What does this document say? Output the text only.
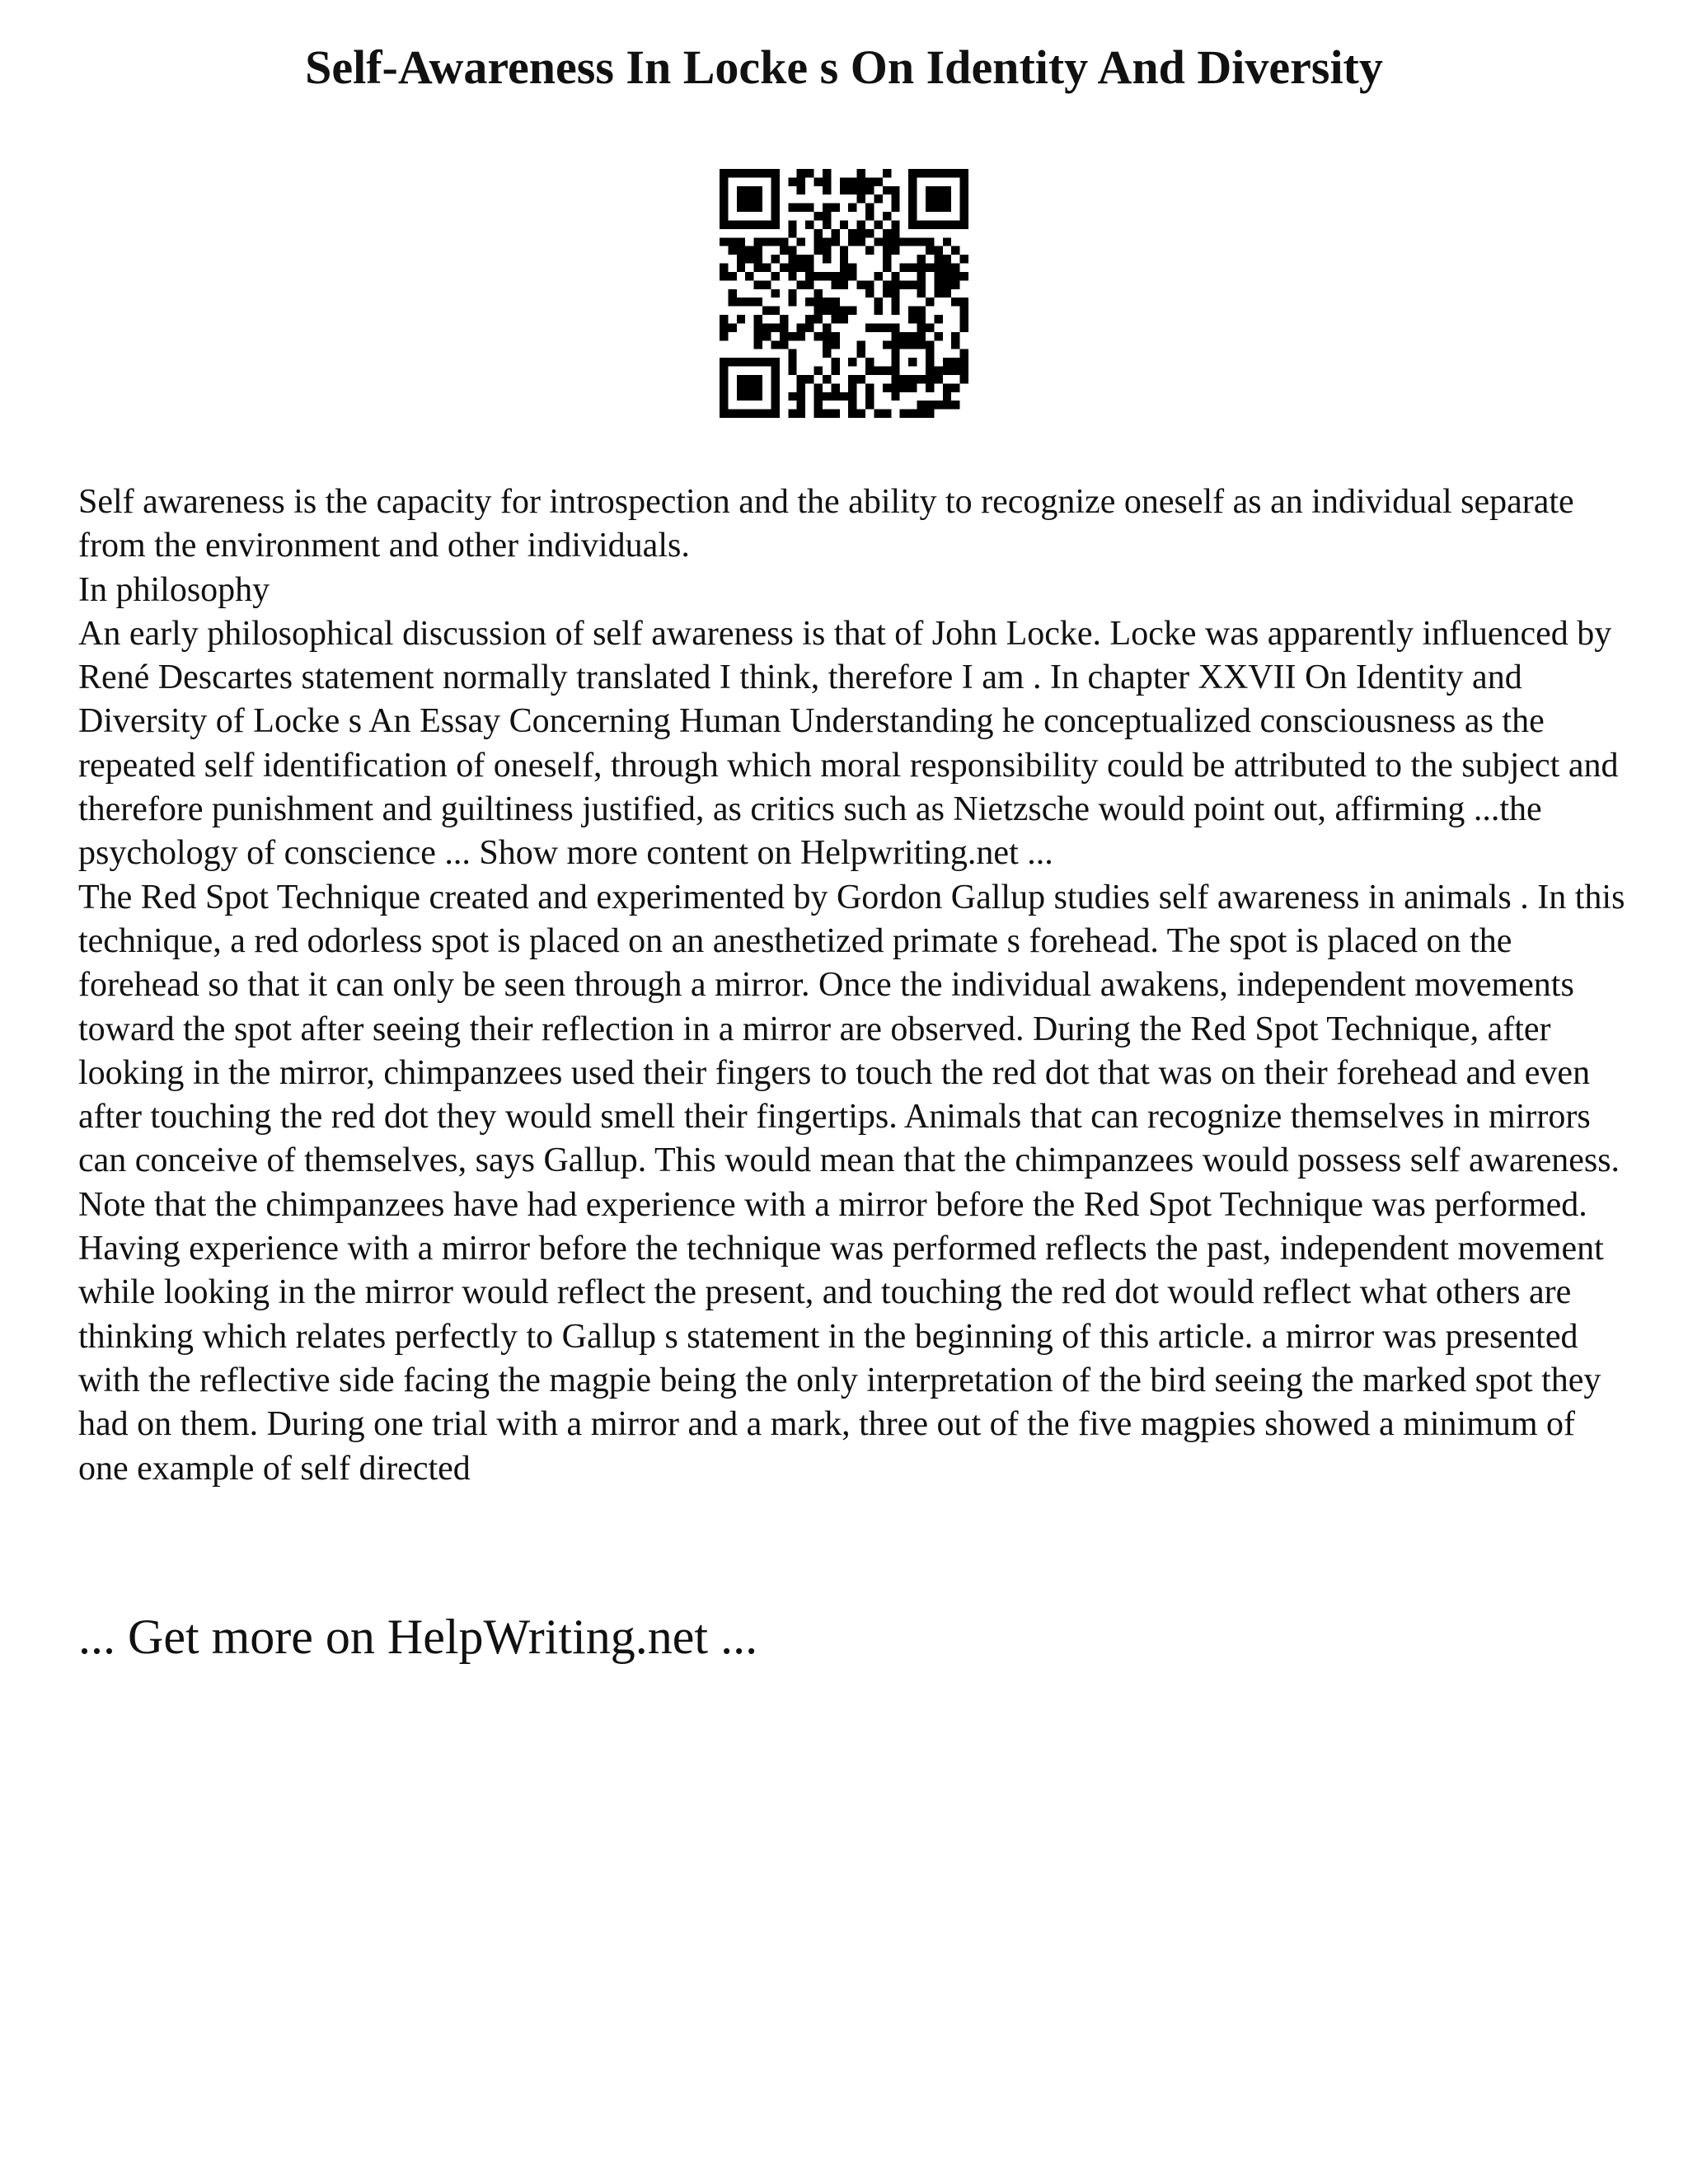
Self-Awareness In Locke s On Identity And Diversity

Self awareness is the capacity for introspection and the ability to recognize oneself as an individual separate from the environment and other individuals.

In philosophy

An early philosophical discussion of self awareness is that of John Locke. Locke was apparently influenced by René Descartes statement normally translated I think, therefore I am . In chapter XXVII On Identity and Diversity of Locke s An Essay Concerning Human Understanding he conceptualized consciousness as the repeated self identification of oneself, through which moral responsibility could be attributed to the subject and therefore punishment and guiltiness justified, as critics such as Nietzsche would point out, affirming ...the psychology of conscience ... Show more content on Helpwriting.net ...

The Red Spot Technique created and experimented by Gordon Gallup studies self awareness in animals . In this technique, a red odorless spot is placed on an anesthetized primate s forehead. The spot is placed on the forehead so that it can only be seen through a mirror. Once the individual awakens, independent movements toward the spot after seeing their reflection in a mirror are observed. During the Red Spot Technique, after looking in the mirror, chimpanzees used their fingers to touch the red dot that was on their forehead and even after touching the red dot they would smell their fingertips. Animals that can recognize themselves in mirrors can conceive of themselves, says Gallup. This would mean that the chimpanzees would possess self awareness. Note that the chimpanzees have had experience with a mirror before the Red Spot Technique was performed. Having experience with a mirror before the technique was performed reflects the past, independent movement while looking in the mirror would reflect the present, and touching the red dot would reflect what others are thinking which relates perfectly to Gallup s statement in the beginning of this article. a mirror was presented with the reflective side facing the magpie being the only interpretation of the bird seeing the marked spot they had on them. During one trial with a mirror and a mark, three out of the five magpies showed a minimum of one example of self directed

... Get more on HelpWriting.net ...
